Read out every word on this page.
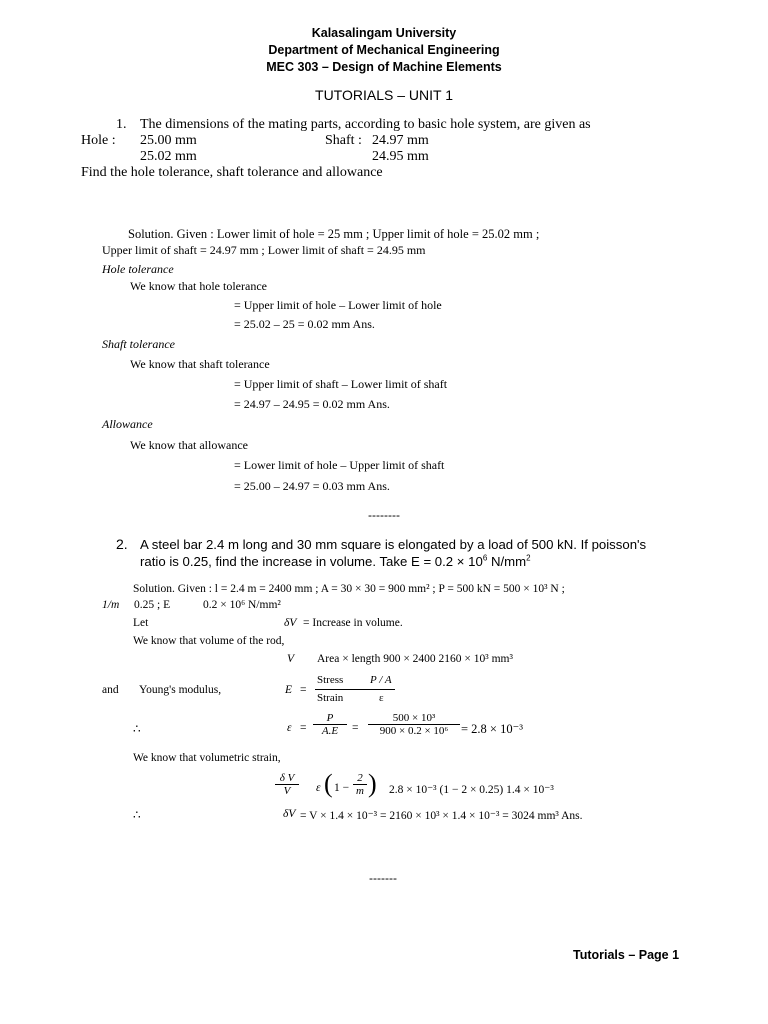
Kalasalingam University
Department of Mechanical Engineering
MEC 303 – Design of Machine Elements
TUTORIALS – UNIT 1
1. The dimensions of the mating parts, according to basic hole system, are given as
Hole : 25.00 mm	Shaft : 24.97 mm
25.02 mm	24.95 mm
Find the hole tolerance, shaft tolerance and allowance
Solution. Given : Lower limit of hole = 25 mm ; Upper limit of hole = 25.02 mm ;
Upper limit of shaft = 24.97 mm ; Lower limit of shaft = 24.95 mm
Hole tolerance
We know that hole tolerance
= Upper limit of hole – Lower limit of hole
= 25.02 – 25 = 0.02 mm Ans.
Shaft tolerance
We know that shaft tolerance
= Upper limit of shaft – Lower limit of shaft
= 24.97 – 24.95 = 0.02 mm Ans.
Allowance
We know that allowance
= Lower limit of hole – Upper limit of shaft
= 25.00 – 24.97 = 0.03 mm Ans.
--------
2. A steel bar 2.4 m long and 30 mm square is elongated by a load of 500 kN. If poisson's
ratio is 0.25, find the increase in volume. Take $E = 0.2 \times 10^6$ $N/mm^2$
Solution. Given : l = 2.4 m = 2400 mm ; A = 30 × 30 = 900 mm² ; P = 500 kN = 500 × 10³ N ;
1/m 0.25 ; E	0.2 × 10⁶ N/mm²
Let	δV = Increase in volume.
We know that volume of the rod,
V Area × length 900 × 2400 2160 × 10³ mm³
and Young's modulus,	E =
Stress P / A
Strain	ε
∴	$\varepsilon = \frac{P}{A.E} = \frac{\text{500 × 10³}}{\text{900 × 0.2 × 10⁶}} = 2.8 \times 10^{-3}$
We know that volumetric strain,
$\frac{\text{δ V}}{V}$ ε ( $1 - \frac{2}{m}$ ) 2.8 × 10⁻³ (1 − 2 × 0.25) 1.4 × 10⁻³
∴	δV = V × 1.4 × 10⁻³ = 2160 × 10³ × 1.4 × 10⁻³ = 3024 mm³ Ans.
-------
Tutorials – Page 1
